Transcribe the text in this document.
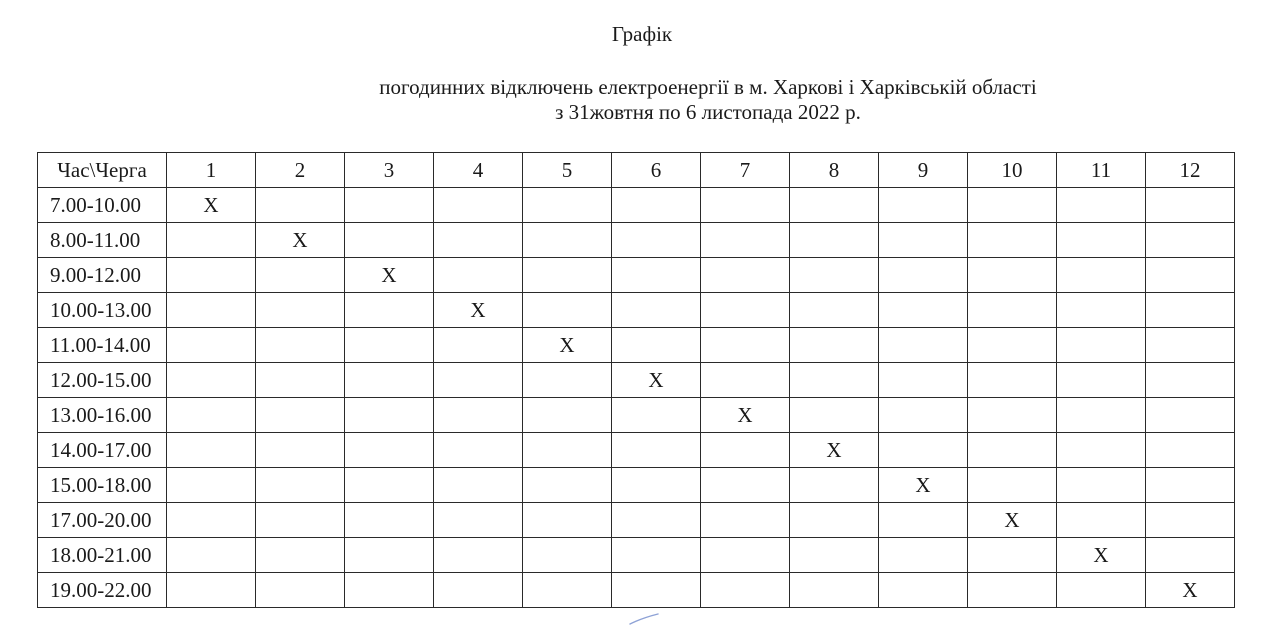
Графік
погодинних відключень електроенергії в м. Харкові і Харківській області
з 31жовтня по 6 листопада 2022 р.
Час\Черга	1	2	3	4	5	6	7	8	9	10	11	12
7.00-10.00	X											
8.00-11.00		X										
9.00-12.00			X									
10.00-13.00				X								
11.00-14.00					X							
12.00-15.00						X						
13.00-16.00							X					
14.00-17.00								X				
15.00-18.00									X			
17.00-20.00										X		
18.00-21.00											X	
19.00-22.00												X
